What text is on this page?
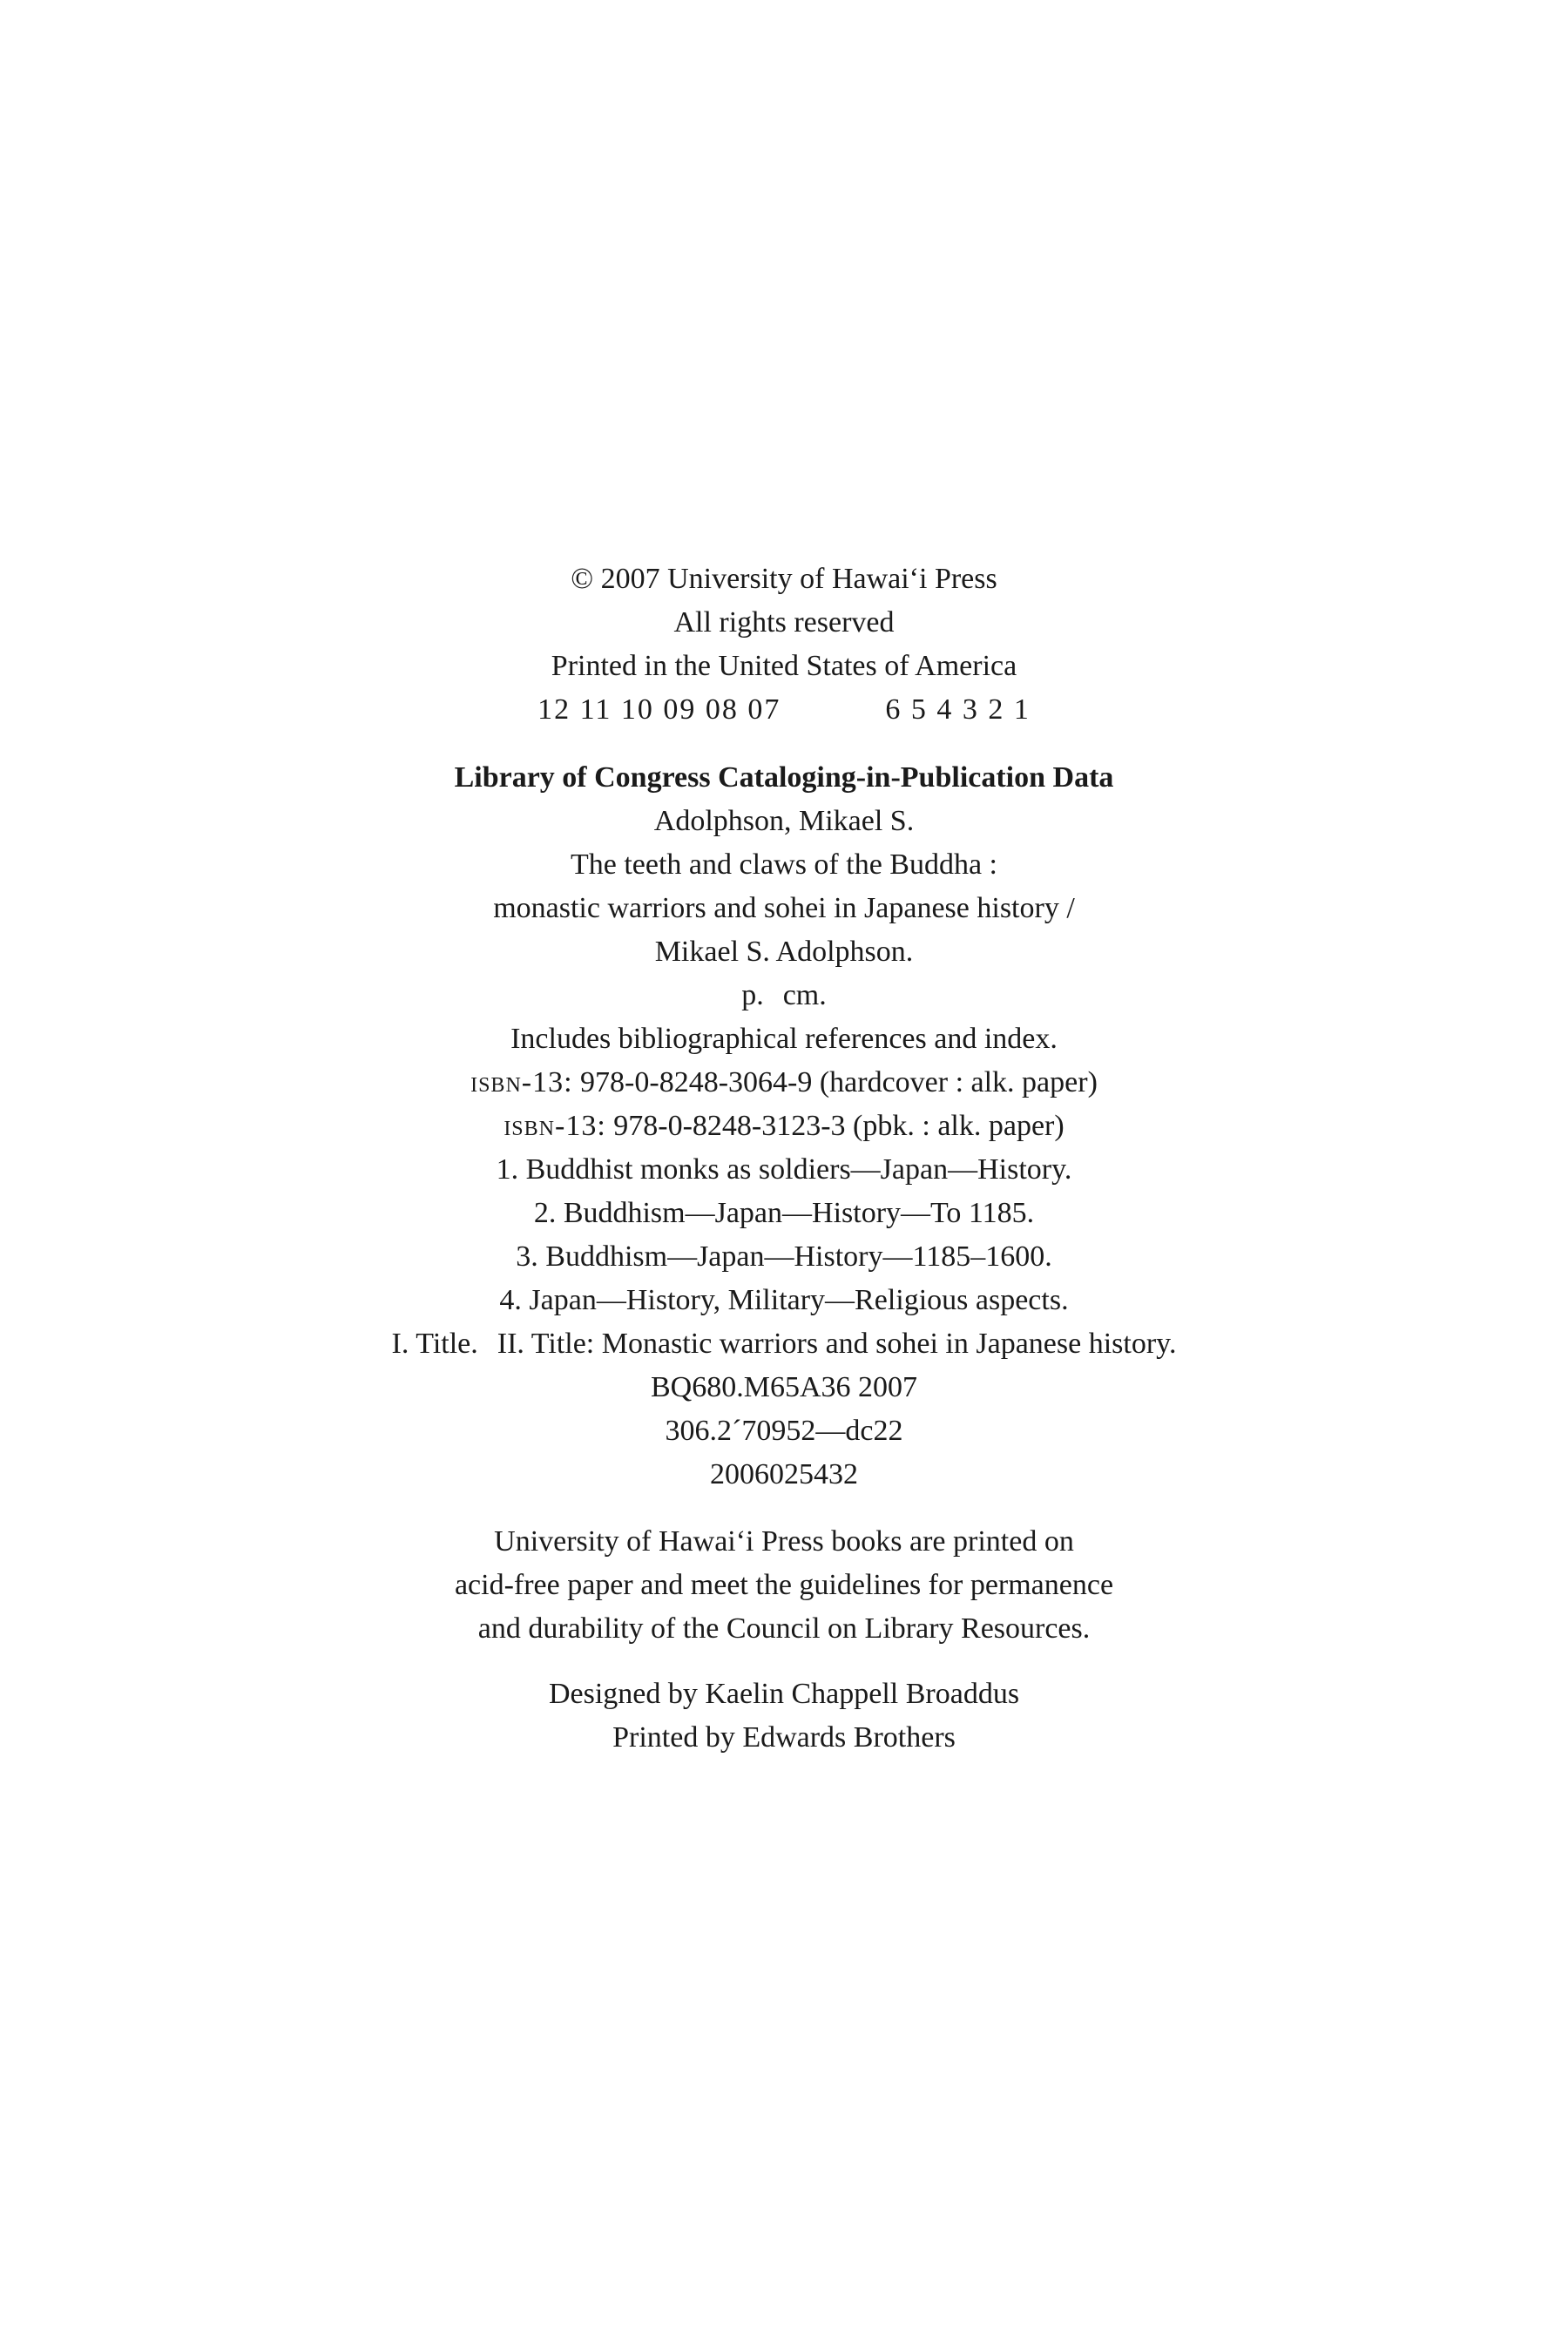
© 2007 University of Hawai‘i Press
All rights reserved
Printed in the United States of America
12 11 10 09 08 07	6 5 4 3 2 1
Library of Congress Cataloging-in-Publication Data
Adolphson, Mikael S.
The teeth and claws of the Buddha :
monastic warriors and sohei in Japanese history /
Mikael S. Adolphson.
p. cm.
Includes bibliographical references and index.
isbn-13: 978-0-8248-3064-9 (hardcover : alk. paper)
isbn-13: 978-0-8248-3123-3 (pbk. : alk. paper)
1. Buddhist monks as soldiers—Japan—History.
2. Buddhism—Japan—History—To 1185.
3. Buddhism—Japan—History—1185–1600.
4. Japan—History, Military—Religious aspects.
I. Title. II. Title: Monastic warriors and sohei in Japanese history.
BQ680.M65A36 2007
306.2´70952—dc22
2006025432
University of Hawai‘i Press books are printed on
acid-free paper and meet the guidelines for permanence
and durability of the Council on Library Resources.
Designed by Kaelin Chappell Broaddus
Printed by Edwards Brothers
